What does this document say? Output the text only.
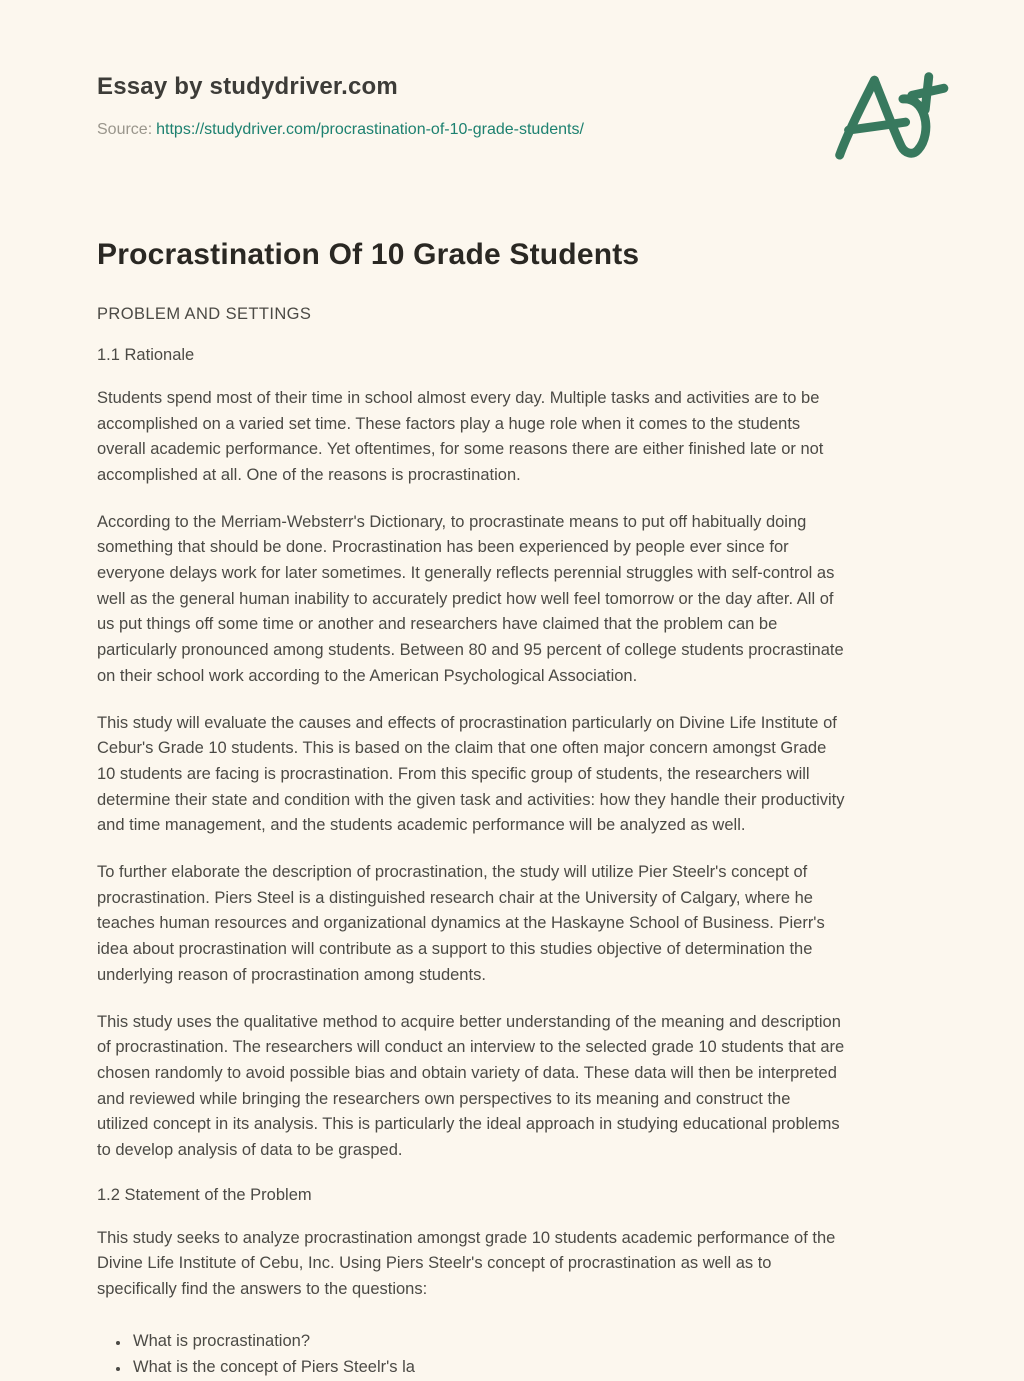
Essay by studydriver.com
Source: https://studydriver.com/procrastination-of-10-grade-students/
Procrastination Of 10 Grade Students
PROBLEM AND SETTINGS
1.1 Rationale

Students spend most of their time in school almost every day. Multiple tasks and activities are to be accomplished on a varied set time. These factors play a huge role when it comes to the students overall academic performance. Yet oftentimes, for some reasons there are either finished late or not accomplished at all. One of the reasons is procrastination.

According to the Merriam-Websterr's Dictionary, to procrastinate means to put off habitually doing something that should be done. Procrastination has been experienced by people ever since for everyone delays work for later sometimes. It generally reflects perennial struggles with self-control as well as the general human inability to accurately predict how well feel tomorrow or the day after. All of us put things off some time or another and researchers have claimed that the problem can be particularly pronounced among students. Between 80 and 95 percent of college students procrastinate on their school work according to the American Psychological Association.

This study will evaluate the causes and effects of procrastination particularly on Divine Life Institute of Cebur's Grade 10 students. This is based on the claim that one often major concern amongst Grade 10 students are facing is procrastination. From this specific group of students, the researchers will determine their state and condition with the given task and activities: how they handle their productivity and time management, and the students academic performance will be analyzed as well.

To further elaborate the description of procrastination, the study will utilize Pier Steelr's concept of procrastination. Piers Steel is a distinguished research chair at the University of Calgary, where he teaches human resources and organizational dynamics at the Haskayne School of Business. Pierr's idea about procrastination will contribute as a support to this studies objective of determination the underlying reason of procrastination among students.

This study uses the qualitative method to acquire better understanding of the meaning and description of procrastination. The researchers will conduct an interview to the selected grade 10 students that are chosen randomly to avoid possible bias and obtain variety of data. These data will then be interpreted and reviewed while bringing the researchers own perspectives to its meaning and construct the utilized concept in its analysis. This is particularly the ideal approach in studying educational problems to develop analysis of data to be grasped.

1.2 Statement of the Problem

This study seeks to analyze procrastination amongst grade 10 students academic performance of the Divine Life Institute of Cebu, Inc. Using Piers Steelr's concept of procrastination as well as to specifically find the answers to the questions:

• What is procrastination?
• What is the concept of Piers Steelr's la
